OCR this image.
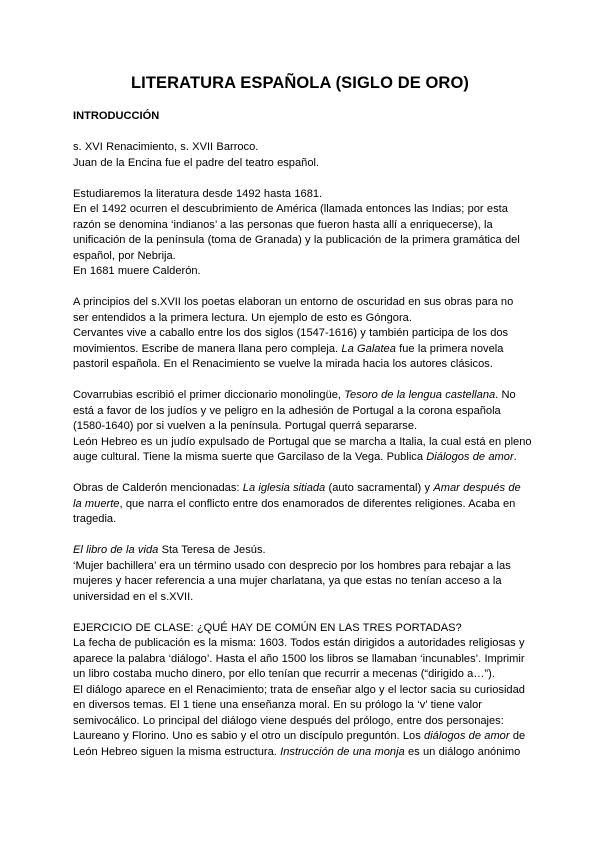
LITERATURA ESPAÑOLA (SIGLO DE ORO)
INTRODUCCIÓN
s. XVI Renacimiento, s. XVII Barroco.
Juan de la Encina fue el padre del teatro español.
Estudiaremos la literatura desde 1492 hasta 1681.
En el 1492 ocurren el descubrimiento de América (llamada entonces las Indias; por esta
razón se denomina ‘indianos’ a las personas que fueron hasta allí a enriquecerse), la
unificación de la península (toma de Granada) y la publicación de la primera gramática del
español, por Nebrija.
En 1681 muere Calderón.
A principios del s.XVII los poetas elaboran un entorno de oscuridad en sus obras para no
ser entendidos a la primera lectura. Un ejemplo de esto es Góngora.
Cervantes vive a caballo entre los dos siglos (1547-1616) y también participa de los dos
movimientos. Escribe de manera llana pero compleja. La Galatea fue la primera novela
pastoril española. En el Renacimiento se vuelve la mirada hacia los autores clásicos.
Covarrubias escribió el primer diccionario monolingüe, Tesoro de la lengua castellana. No
está a favor de los judíos y ve peligro en la adhesión de Portugal a la corona española
(1580-1640) por si vuelven a la península. Portugal querrá separarse.
León Hebreo es un judío expulsado de Portugal que se marcha a Italia, la cual está en pleno
auge cultural. Tiene la misma suerte que Garcilaso de la Vega. Publica Diálogos de amor.
Obras de Calderón mencionadas: La iglesia sitiada (auto sacramental) y Amar después de
la muerte, que narra el conflicto entre dos enamorados de diferentes religiones. Acaba en
tragedia.
El libro de la vida Sta Teresa de Jesús.
‘Mujer bachillera’ era un término usado con desprecio por los hombres para rebajar a las
mujeres y hacer referencia a una mujer charlatana, ya que estas no tenían acceso a la
universidad en el s.XVII.
EJERCICIO DE CLASE: ¿QUÉ HAY DE COMÚN EN LAS TRES PORTADAS?
La fecha de publicación es la misma: 1603. Todos están dirigidos a autoridades religiosas y
aparece la palabra ‘diálogo’. Hasta el año 1500 los libros se llamaban ‘incunables’. Imprimir
un libro costaba mucho dinero, por ello tenían que recurrir a mecenas (“dirigido a…”).
El diálogo aparece en el Renacimiento; trata de enseñar algo y el lector sacia su curiosidad
en diversos temas. El 1 tiene una enseñanza moral. En su prólogo la ‘v’ tiene valor
semivocálico. Lo principal del diálogo viene después del prólogo, entre dos personajes:
Laureano y Florino. Uno es sabio y el otro un discípulo preguntón. Los diálogos de amor de
León Hebreo siguen la misma estructura. Instrucción de una monja es un diálogo anónimo
